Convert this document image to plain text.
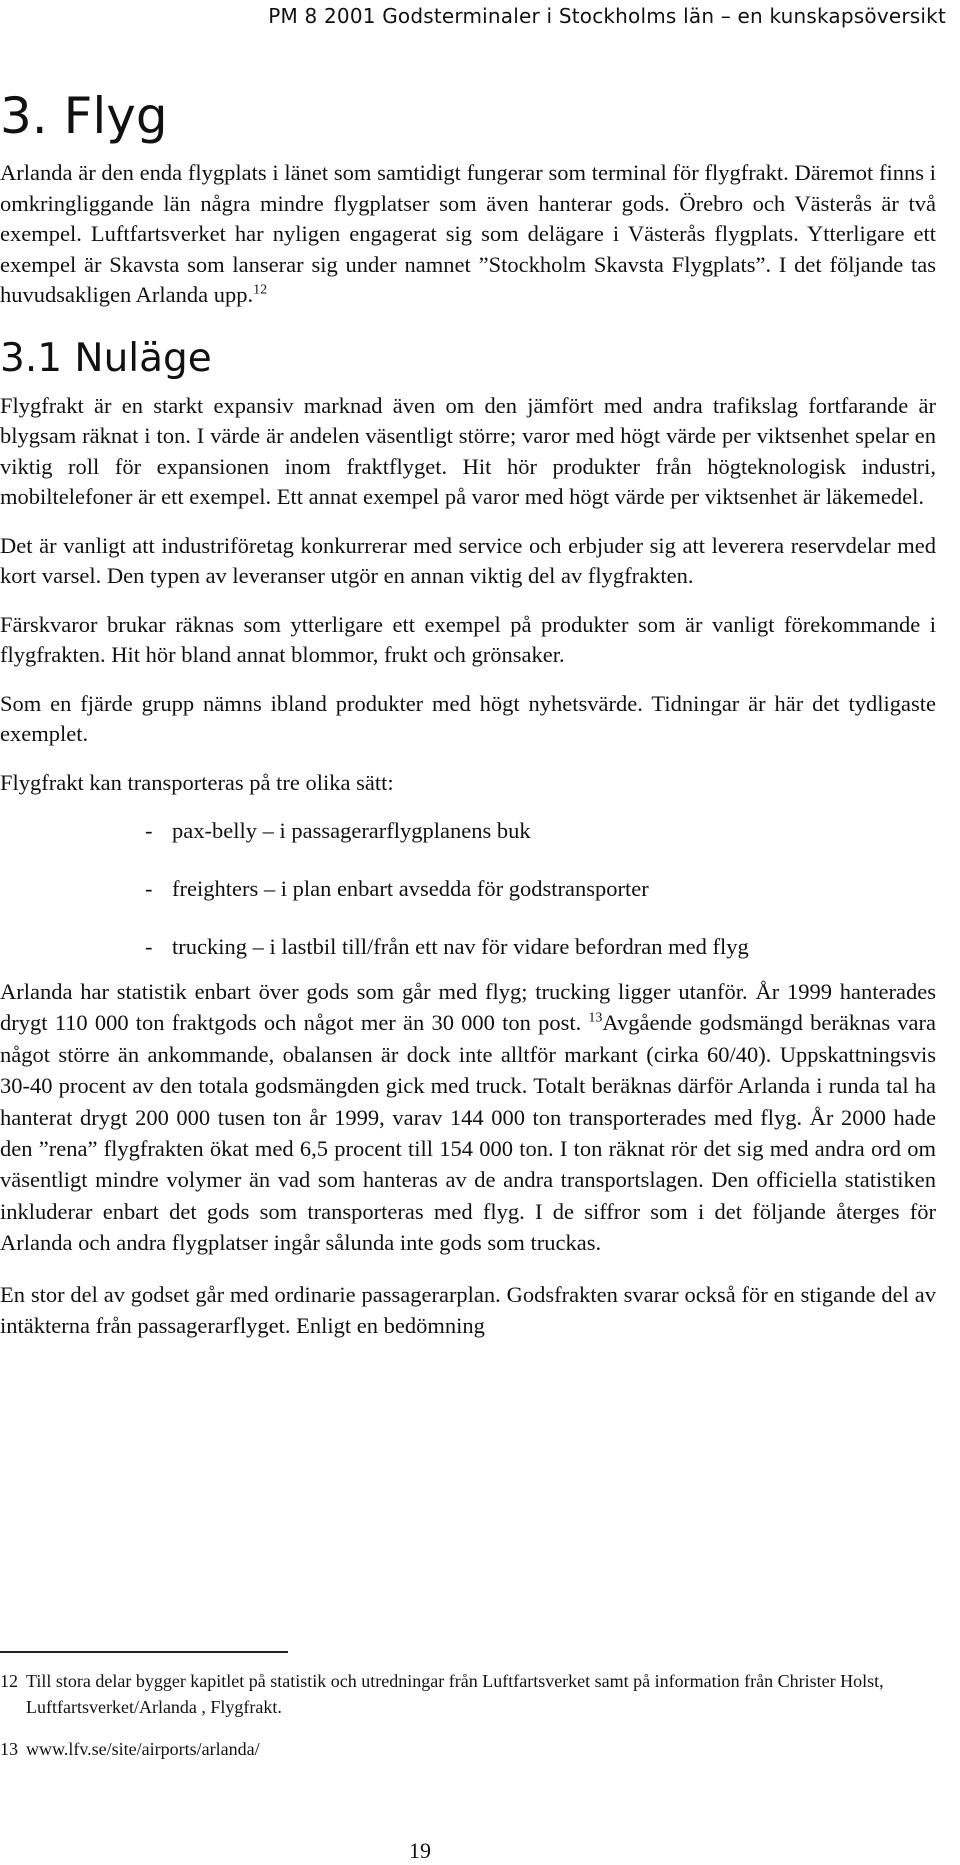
PM 8 2001 Godsterminaler i Stockholms län – en kunskapsöversikt
3. Flyg

Arlanda är den enda flygplats i länet som samtidigt fungerar som terminal för flygfrakt. Däremot finns i omkringliggande län några mindre flygplatser som även hanterar gods. Örebro och Västerås är två exempel. Luftfartsverket har nyligen engagerat sig som delägare i Västerås flygplats. Ytterligare ett exempel är Skavsta som lanserar sig under namnet ”Stockholm Skavsta Flygplats”. I det följande tas huvudsakligen Arlanda upp.$^{12}$

3.1 Nuläge

Flygfrakt är en starkt expansiv marknad även om den jämfört med andra trafikslag fortfarande är blygsam räknat i ton. I värde är andelen väsentligt större; varor med högt värde per viktsenhet spelar en viktig roll för expansionen inom fraktflyget. Hit hör produkter från högteknologisk industri, mobiltelefoner är ett exempel. Ett annat exempel på varor med högt värde per viktsenhet är läkemedel.

Det är vanligt att industriföretag konkurrerar med service och erbjuder sig att leverera reservdelar med kort varsel. Den typen av leveranser utgör en annan viktig del av flygfrakten.

Färskvaror brukar räknas som ytterligare ett exempel på produkter som är vanligt förekommande i flygfrakten. Hit hör bland annat blommor, frukt och grönsaker.

Som en fjärde grupp nämns ibland produkter med högt nyhetsvärde. Tidningar är här det tydligaste exemplet.

Flygfrakt kan transporteras på tre olika sätt:

- pax-belly – i passagerarflygplanens buk
- freighters – i plan enbart avsedda för godstransporter
- trucking – i lastbil till/från ett nav för vidare befordran med flyg

Arlanda har statistik enbart över gods som går med flyg; trucking ligger utanför. År 1999 hanterades drygt 110 000 ton fraktgods och något mer än 30 000 ton post. $^{13}$Avgående godsmängd beräknas vara något större än ankommande, obalansen är dock inte alltför markant (cirka 60/40). Uppskattningsvis 30-40 procent av den totala godsmängden gick med truck. Totalt beräknas därför Arlanda i runda tal ha hanterat drygt 200 000 tusen ton år 1999, varav 144 000 ton transporterades med flyg. År 2000 hade den ”rena” flygfrakten ökat med 6,5 procent till 154 000 ton. I ton räknat rör det sig med andra ord om väsentligt mindre volymer än vad som hanteras av de andra transportslagen. Den officiella statistiken inkluderar enbart det gods som transporteras med flyg. I de siffror som i det följande återges för Arlanda och andra flygplatser ingår sålunda inte gods som truckas.

En stor del av godset går med ordinarie passagerarplan. Godsfrakten svarar också för en stigande del av intäkterna från passagerarflyget. Enligt en bedömning

12 Till stora delar bygger kapitlet på statistik och utredningar från Luftfartsverket samt på information från Christer Holst, Luftfartsverket/Arlanda , Flygfrakt.
13 www.lfv.se/site/airports/arlanda/
19
